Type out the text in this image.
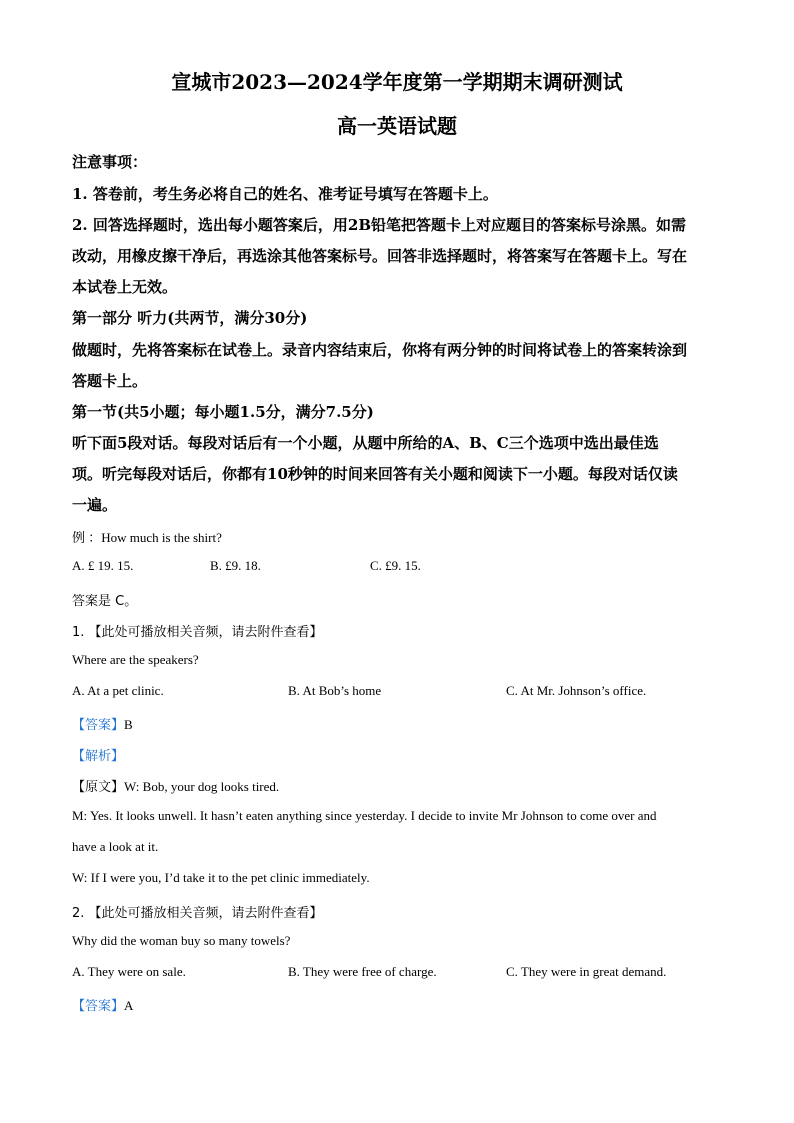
宣城市2023—2024学年度第一学期期末调研测试
高一英语试题
注意事项：
1. 答卷前，考生务必将自己的姓名、准考证号填写在答题卡上。
2. 回答选择题时，选出每小题答案后，用2B铅笔把答题卡上对应题目的答案标号涂黑。如需
改动，用橡皮擦干净后，再选涂其他答案标号。回答非选择题时，将答案写在答题卡上。写在
本试卷上无效。
第一部分 听力(共两节，满分30分)
做题时，先将答案标在试卷上。录音内容结束后，你将有两分钟的时间将试卷上的答案转涂到
答题卡上。
第一节(共5小题；每小题1.5分，满分7.5分)
听下面5段对话。每段对话后有一个小题，从题中所给的A、B、C三个选项中选出最佳选
项。听完每段对话后，你都有10秒钟的时间来回答有关小题和阅读下一小题。每段对话仅读
一遍。
例 ：How much is the shirt?
A. £ 19. 15.	B. £9. 18.	C. £9. 15.
答案是 C。
1. 【此处可播放相关音频，请去附件查看】
Where are the speakers?
A. At a pet clinic.	B. At Bob’s home	C. At Mr. Johnson’s office.
【答案】B
【解析】
【原文】W: Bob, your dog looks tired.
M: Yes. It looks unwell. It hasn’t eaten anything since yesterday. I decide to invite Mr Johnson to come over and
have a look at it.
W: If I were you, I’d take it to the pet clinic immediately.
2. 【此处可播放相关音频，请去附件查看】
Why did the woman buy so many towels?
A. They were on sale.	B. They were free of charge.	C. They were in great demand.
【答案】A
